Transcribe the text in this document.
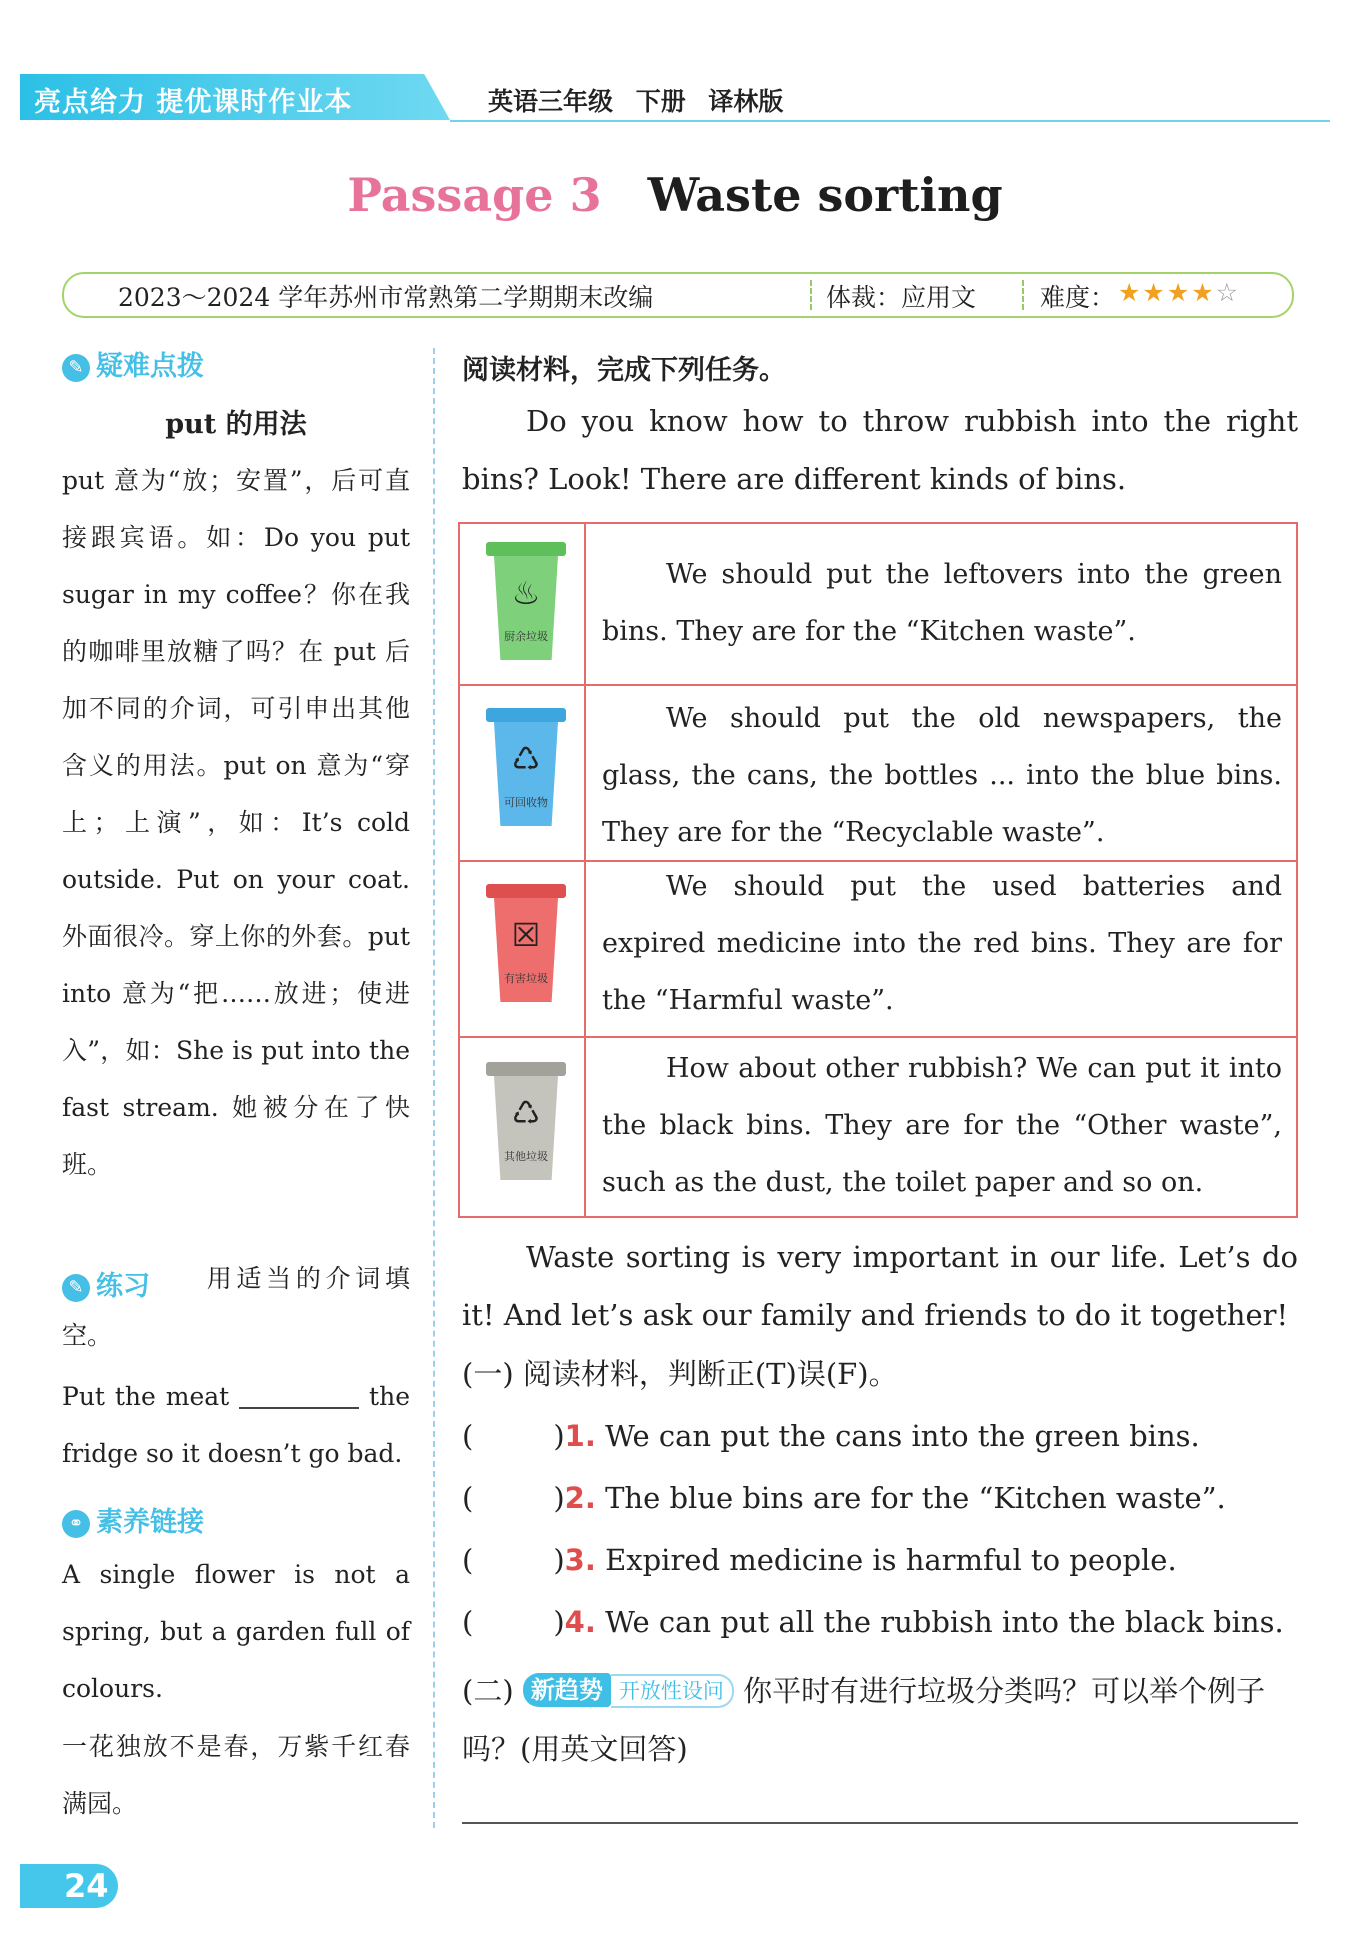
亮点给力 提优课时作业本	英语三年级 下册 译林版
Passage 3 Waste sorting
2023～2024 学年苏州市常熟第二学期期末改编	体裁：应用文	难度： ★★★★☆
✎ 疑难点拨
put 的用法
put 意为“放；安置”，后可直接跟宾语。如：Do you put sugar in my coffee？你在我的咖啡里放糖了吗？在 put 后加不同的介词，可引申出其他含义的用法。put on 意为“穿上；上演”，如：It’s cold outside. Put on your coat. 外面很冷。穿上你的外套。put into 意为“把……放进；使进入”，如：She is put into the fast stream. 她被分在了快班。
✎ 练习	用适当的介词填空。
Put the meat	the fridge so it doesn’t go bad.
⚭ 素养链接
A single flower is not a spring, but a garden full of colours.
一花独放不是春，万紫千红春满园。
阅读材料，完成下列任务。
Do you know how to throw rubbish into the right bins? Look! There are different kinds of bins.
♨
厨余垃圾
We should put the leftovers into the green bins. They are for the “Kitchen waste”.
♺
可回收物
We should put the old newspapers, the glass, the cans, the bottles ... into the blue bins. They are for the “Recyclable waste”.
☒
有害垃圾
We should put the used batteries and expired medicine into the red bins. They are for the “Harmful waste”.
♺
其他垃圾
How about other rubbish? We can put it into the black bins. They are for the “Other waste”, such as the dust, the toilet paper and so on.
Waste sorting is very important in our life. Let’s do it! And let’s ask our family and friends to do it together!
(一) 阅读材料，判断正(T)误(F)。
(	)1. We can put the cans into the green bins.
(	)2. The blue bins are for the “Kitchen waste”.
(	)3. Expired medicine is harmful to people.
(	)4. We can put all the rubbish into the black bins.
(二) 新趋势 开放性设问 你平时有进行垃圾分类吗？可以举个例子吗？(用英文回答)
24
